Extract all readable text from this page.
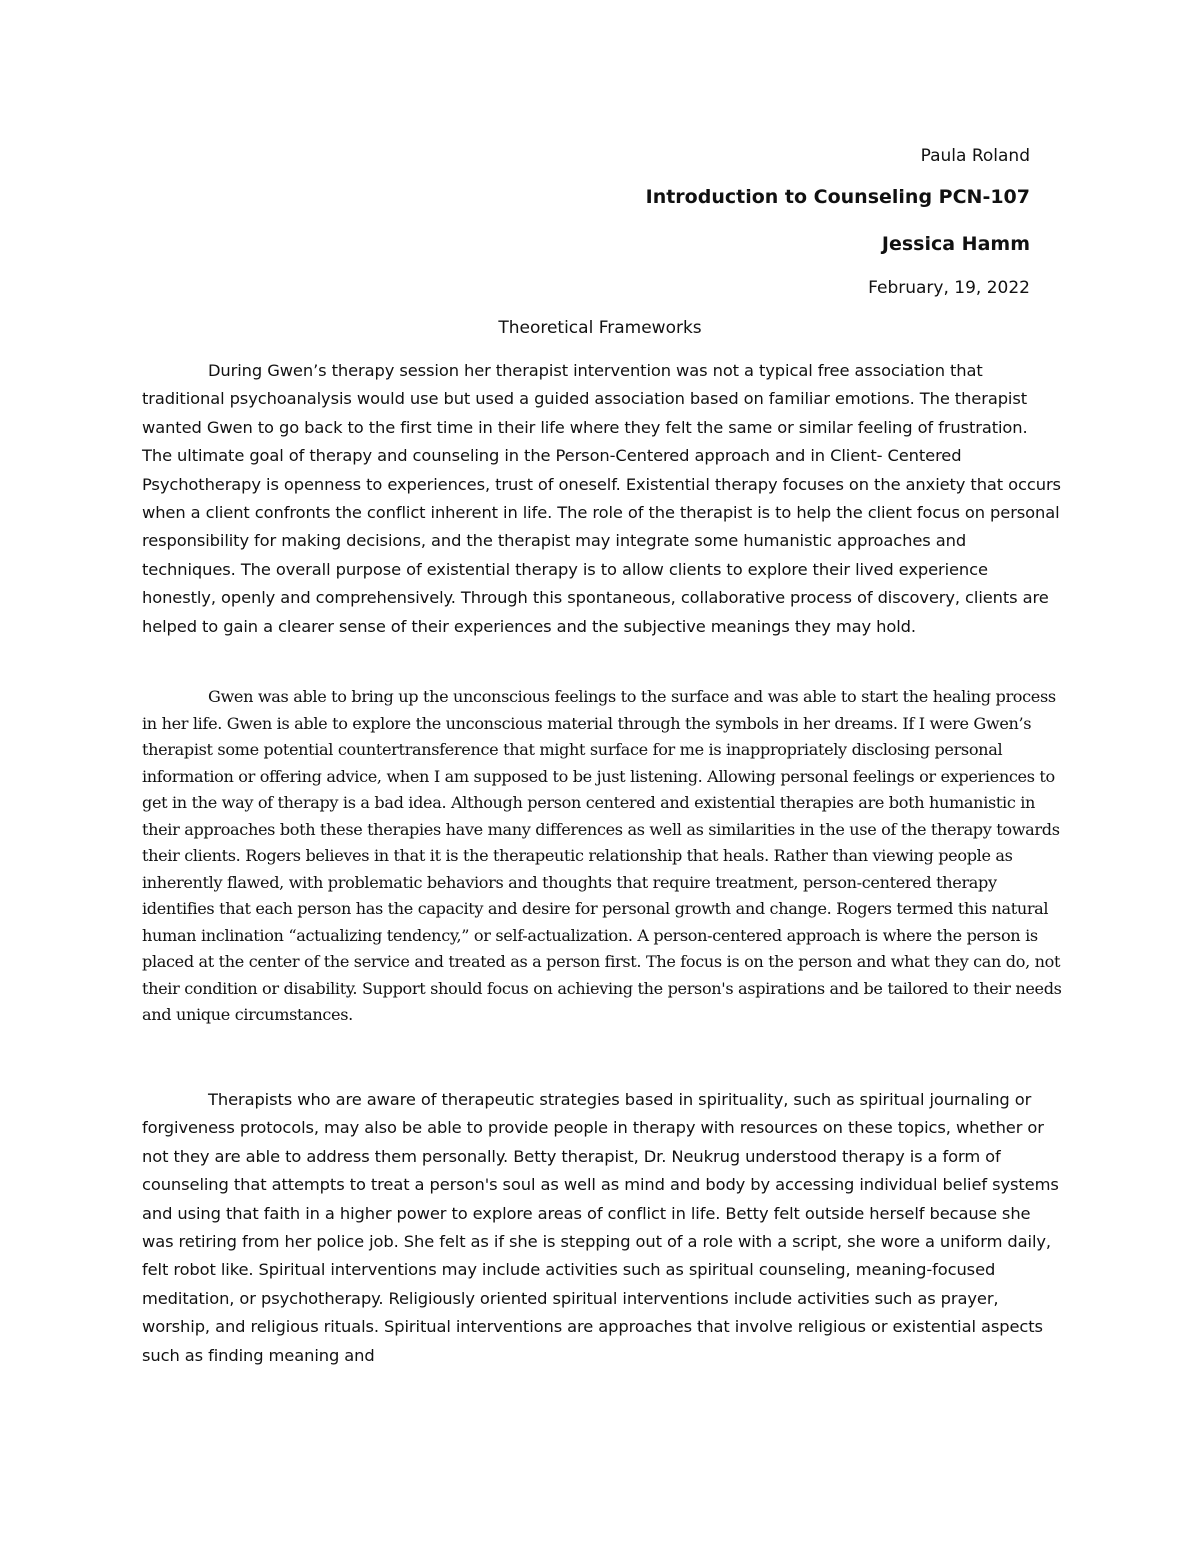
Paula Roland
Introduction to Counseling PCN-107
Jessica Hamm
February, 19, 2022
Theoretical Frameworks

During Gwen’s therapy session her therapist intervention was not a typical free association that traditional psychoanalysis would use but used a guided association based on familiar emotions. The therapist wanted Gwen to go back to the first time in their life where they felt the same or similar feeling of frustration. The ultimate goal of therapy and counseling in the Person-Centered approach and in Client- Centered Psychotherapy is openness to experiences, trust of oneself. Existential therapy focuses on the anxiety that occurs when a client confronts the conflict inherent in life. The role of the therapist is to help the client focus on personal responsibility for making decisions, and the therapist may integrate some humanistic approaches and techniques. The overall purpose of existential therapy is to allow clients to explore their lived experience honestly, openly and comprehensively. Through this spontaneous, collaborative process of discovery, clients are helped to gain a clearer sense of their experiences and the subjective meanings they may hold.

Gwen was able to bring up the unconscious feelings to the surface and was able to start the healing process in her life. Gwen is able to explore the unconscious material through the symbols in her dreams. If I were Gwen’s therapist some potential countertransference that might surface for me is inappropriately disclosing personal information or offering advice, when I am supposed to be just listening. Allowing personal feelings or experiences to get in the way of therapy is a bad idea. Although person centered and existential therapies are both humanistic in their approaches both these therapies have many differences as well as similarities in the use of the therapy towards their clients. Rogers believes in that it is the therapeutic relationship that heals. Rather than viewing people as inherently flawed, with problematic behaviors and thoughts that require treatment, person-centered therapy identifies that each person has the capacity and desire for personal growth and change. Rogers termed this natural human inclination “actualizing tendency,” or self-actualization. A person-centered approach is where the person is placed at the center of the service and treated as a person first. The focus is on the person and what they can do, not their condition or disability. Support should focus on achieving the person's aspirations and be tailored to their needs and unique circumstances.

Therapists who are aware of therapeutic strategies based in spirituality, such as spiritual journaling or forgiveness protocols, may also be able to provide people in therapy with resources on these topics, whether or not they are able to address them personally. Betty therapist, Dr. Neukrug understood therapy is a form of counseling that attempts to treat a person's soul as well as mind and body by accessing individual belief systems and using that faith in a higher power to explore areas of conflict in life. Betty felt outside herself because she was retiring from her police job. She felt as if she is stepping out of a role with a script, she wore a uniform daily, felt robot like. Spiritual interventions may include activities such as spiritual counseling, meaning-focused meditation, or psychotherapy. Religiously oriented spiritual interventions include activities such as prayer, worship, and religious rituals. Spiritual interventions are approaches that involve religious or existential aspects such as finding meaning and
